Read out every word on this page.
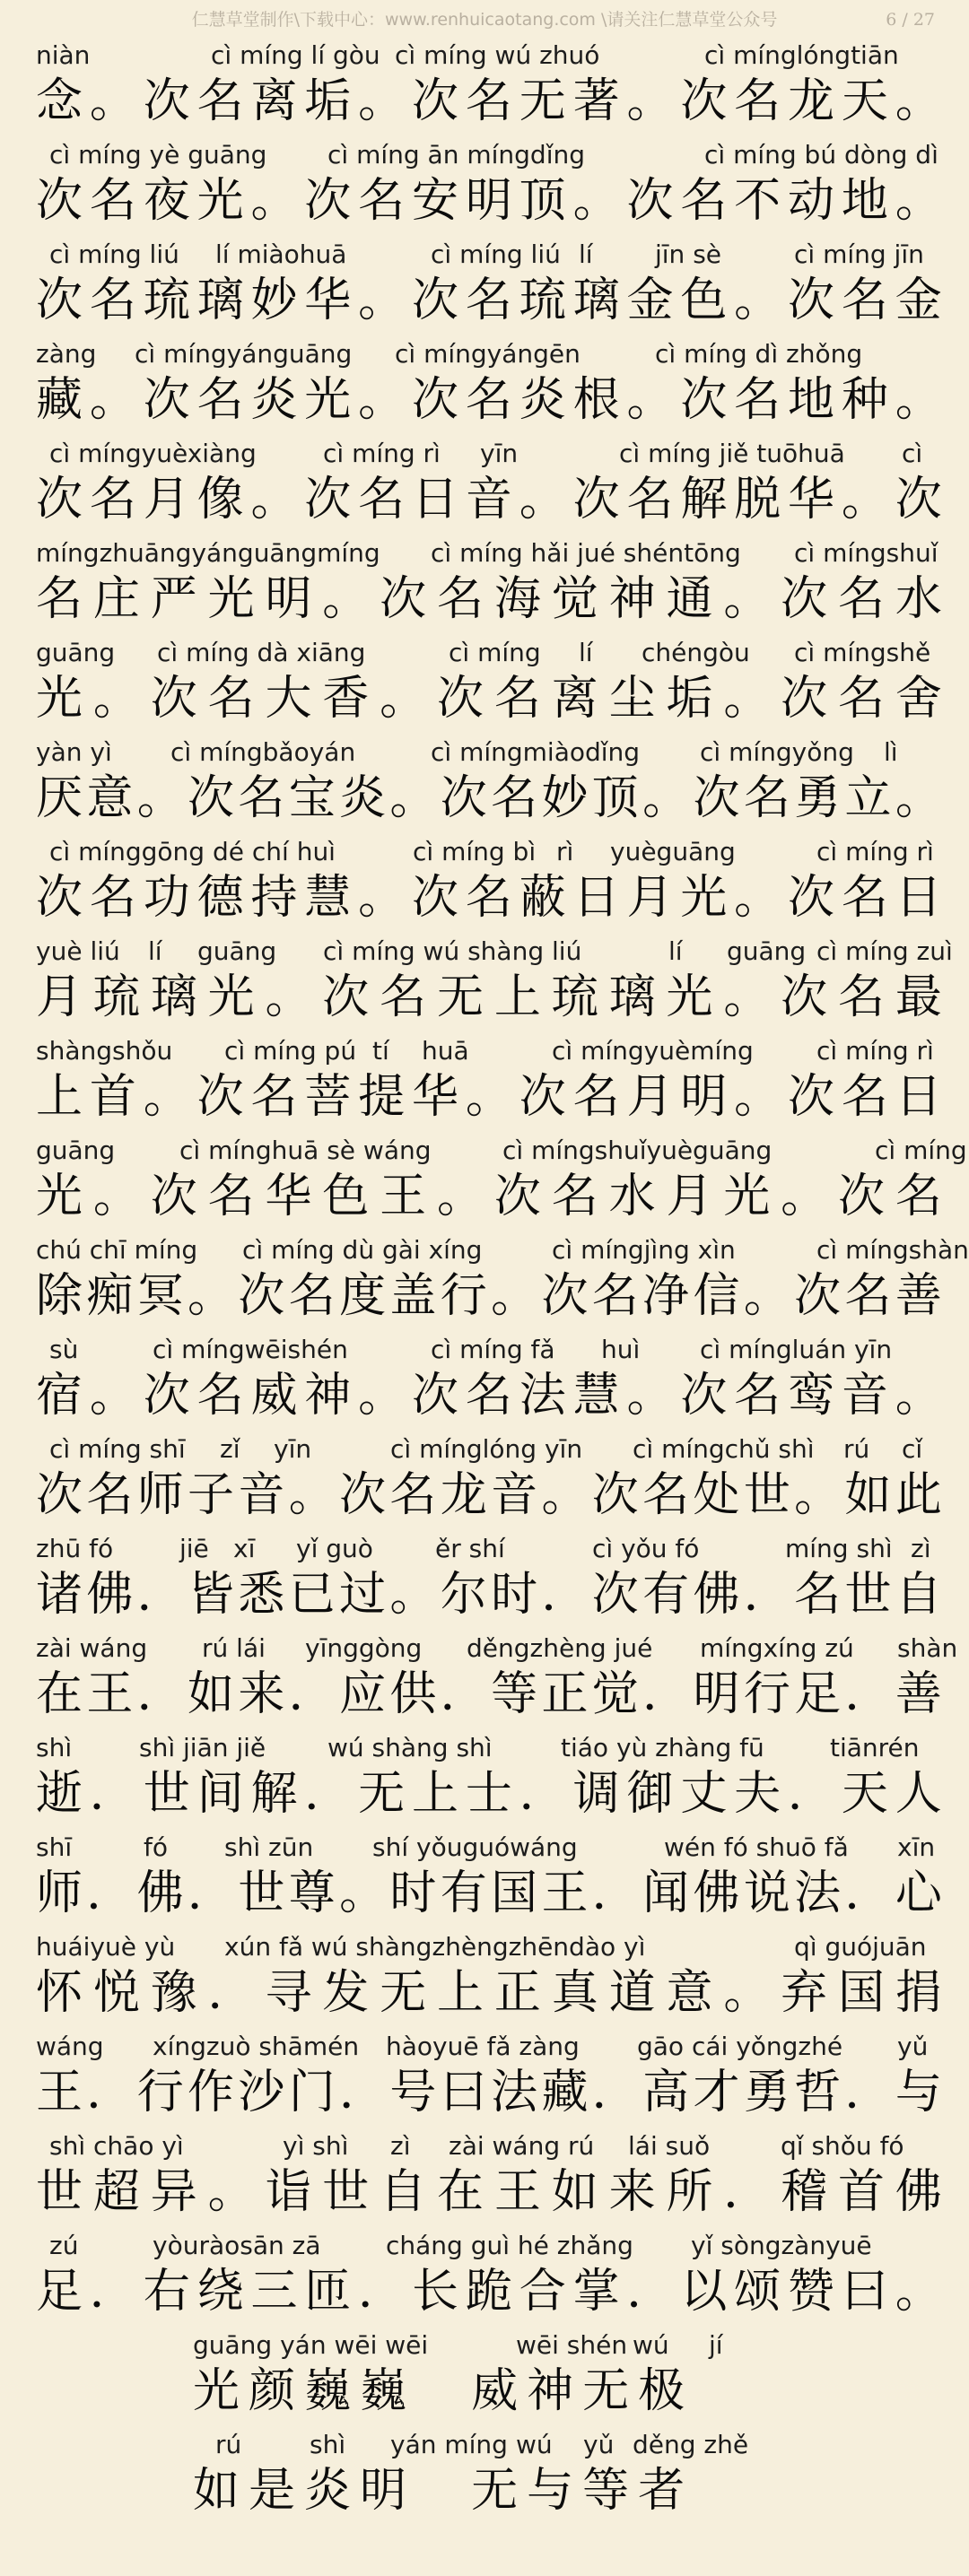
仁慧草堂制作\下载中心：www.renhuicaotang.com \请关注仁慧草堂公众号	6 / 27
niàn	cì míng lí gòu cì míng wú zhuó	cì mínglóngtiān
念 。 次 名 离 垢 。 次 名 无 著 。 次 名 龙 天 。
cì míng yè guāng cì míng ān míngdǐng	cì míng bú dòng dì
次 名 夜 光 。 次 名 安 明 顶 。 次 名 不 动 地 。
cì míng liú lí miàohuā	cì míng liú lí jīn sè	cì míng jīn
次 名 琉 璃 妙 华 。 次 名 琉 璃 金 色 。 次 名 金
zàng cì míngyánguāng cì míngyángēn	cì míng dì zhǒng
藏 。 次 名 炎 光 。 次 名 炎 根 。 次 名 地 种 。
cì míngyuèxiàng	cì míng rì yīn	cì míng jiě tuōhuā cì
次 名 月 像 。 次 名 日 音 。 次 名 解 脱 华 。 次
míngzhuāngyánguāngmíng cì míng hǎi jué shéntōng cì míngshuǐ
名 庄 严 光 明 。 次 名 海 觉 神 通 。 次 名 水
guāng cì míng dà xiāng	cì míng lí chéngòu cì míngshě
光 。 次 名 大 香 。 次 名 离 尘 垢 。 次 名 舍
yàn yì cì míngbǎoyán	cì míngmiàodǐng cì míngyǒng lì
厌 意 。 次 名 宝 炎 。 次 名 妙 顶 。 次 名 勇 立 。
cì mínggōng dé chí huì	cì míng bì rì yuèguāng	cì míng rì
次 名 功 德 持 慧 。 次 名 蔽 日 月 光 。 次 名 日
yuè liú lí guāng cì míng wú shàng liú	lí guāng cì míng zuì
月 琉 璃 光 。 次 名 无 上 琉 璃 光 。 次 名 最
shàngshǒu cì míng pú tí huā	cì míngyuèmíng	cì míng rì
上 首 。 次 名 菩 提 华 。 次 名 月 明 。 次 名 日
guāng	cì mínghuā sè wáng	cì míngshuǐyuèguāng	cì míng
光 。 次 名 华 色 王 。 次 名 水 月 光 。 次 名
chú chī míng cì míng dù gài xíng	cì míngjìng xìn	cì míngshàn
除 痴 冥 。 次 名 度 盖 行 。 次 名 净 信 。 次 名 善
sù	cì míngwēishén	cì míng fǎ huì cì míngluán yīn
宿 。 次 名 威 神 。 次 名 法 慧 。 次 名 鸾 音 。
cì míng shī zǐ yīn	cì mínglóng yīn cì míngchǔ shì rú cǐ
次 名 师 子 音 。 次 名 龙 音 。 次 名 处 世 。 如 此
zhū fó	jiē xī yǐ guò ěr shí	cì yǒu fó	míng shì zì
诸 佛 ． 皆 悉 已 过 。 尔 时 ． 次 有 佛 ． 名 世 自
zài wáng rú lái yīnggòng děngzhèng jué míngxíng zú shàn
在 王 ． 如 来 ． 应 供 ． 等 正 觉 ． 明 行 足 ． 善
shì	shì jiān jiě wú shàng shì	tiáo yù zhàng fū	tiānrén
逝 ． 世 间 解 ． 无 上 士 ． 调 御 丈 夫 ． 天 人
shī	fó shì zūn shí yǒuguówáng	wén fó shuō fǎ xīn
师 ． 佛 ． 世 尊 。 时 有 国 王 ． 闻 佛 说 法 ． 心
huáiyuè yù xún fǎ wú shàngzhèngzhēndào yì	qì guójuān
怀 悦 豫 ． 寻 发 无 上 正 真 道 意 。 弃 国 捐
wáng xíngzuò shāmén hàoyuē fǎ zàng gāo cái yǒngzhé yǔ
王 ． 行 作 沙 门 ． 号 曰 法 藏 ． 高 才 勇 哲 ． 与
shì chāo yì	yì shì zì zài wáng rú lái suǒ	qǐ shǒu fó
世 超 异 。 诣 世 自 在 王 如 来 所 ． 稽 首 佛
zú	yòuràosān zā	cháng guì hé zhǎng yǐ sòngzànyuē
足 ． 右 绕 三 匝 ． 长 跪 合 掌 ． 以 颂 赞 曰 。
guāng yán wēi wēi	wēi shén wú jí
光 颜 巍 巍
　 威 神 无 极
rú	shì yán míng wú yǔ děng zhě
如 是 炎 明
　 无 与 等 者
